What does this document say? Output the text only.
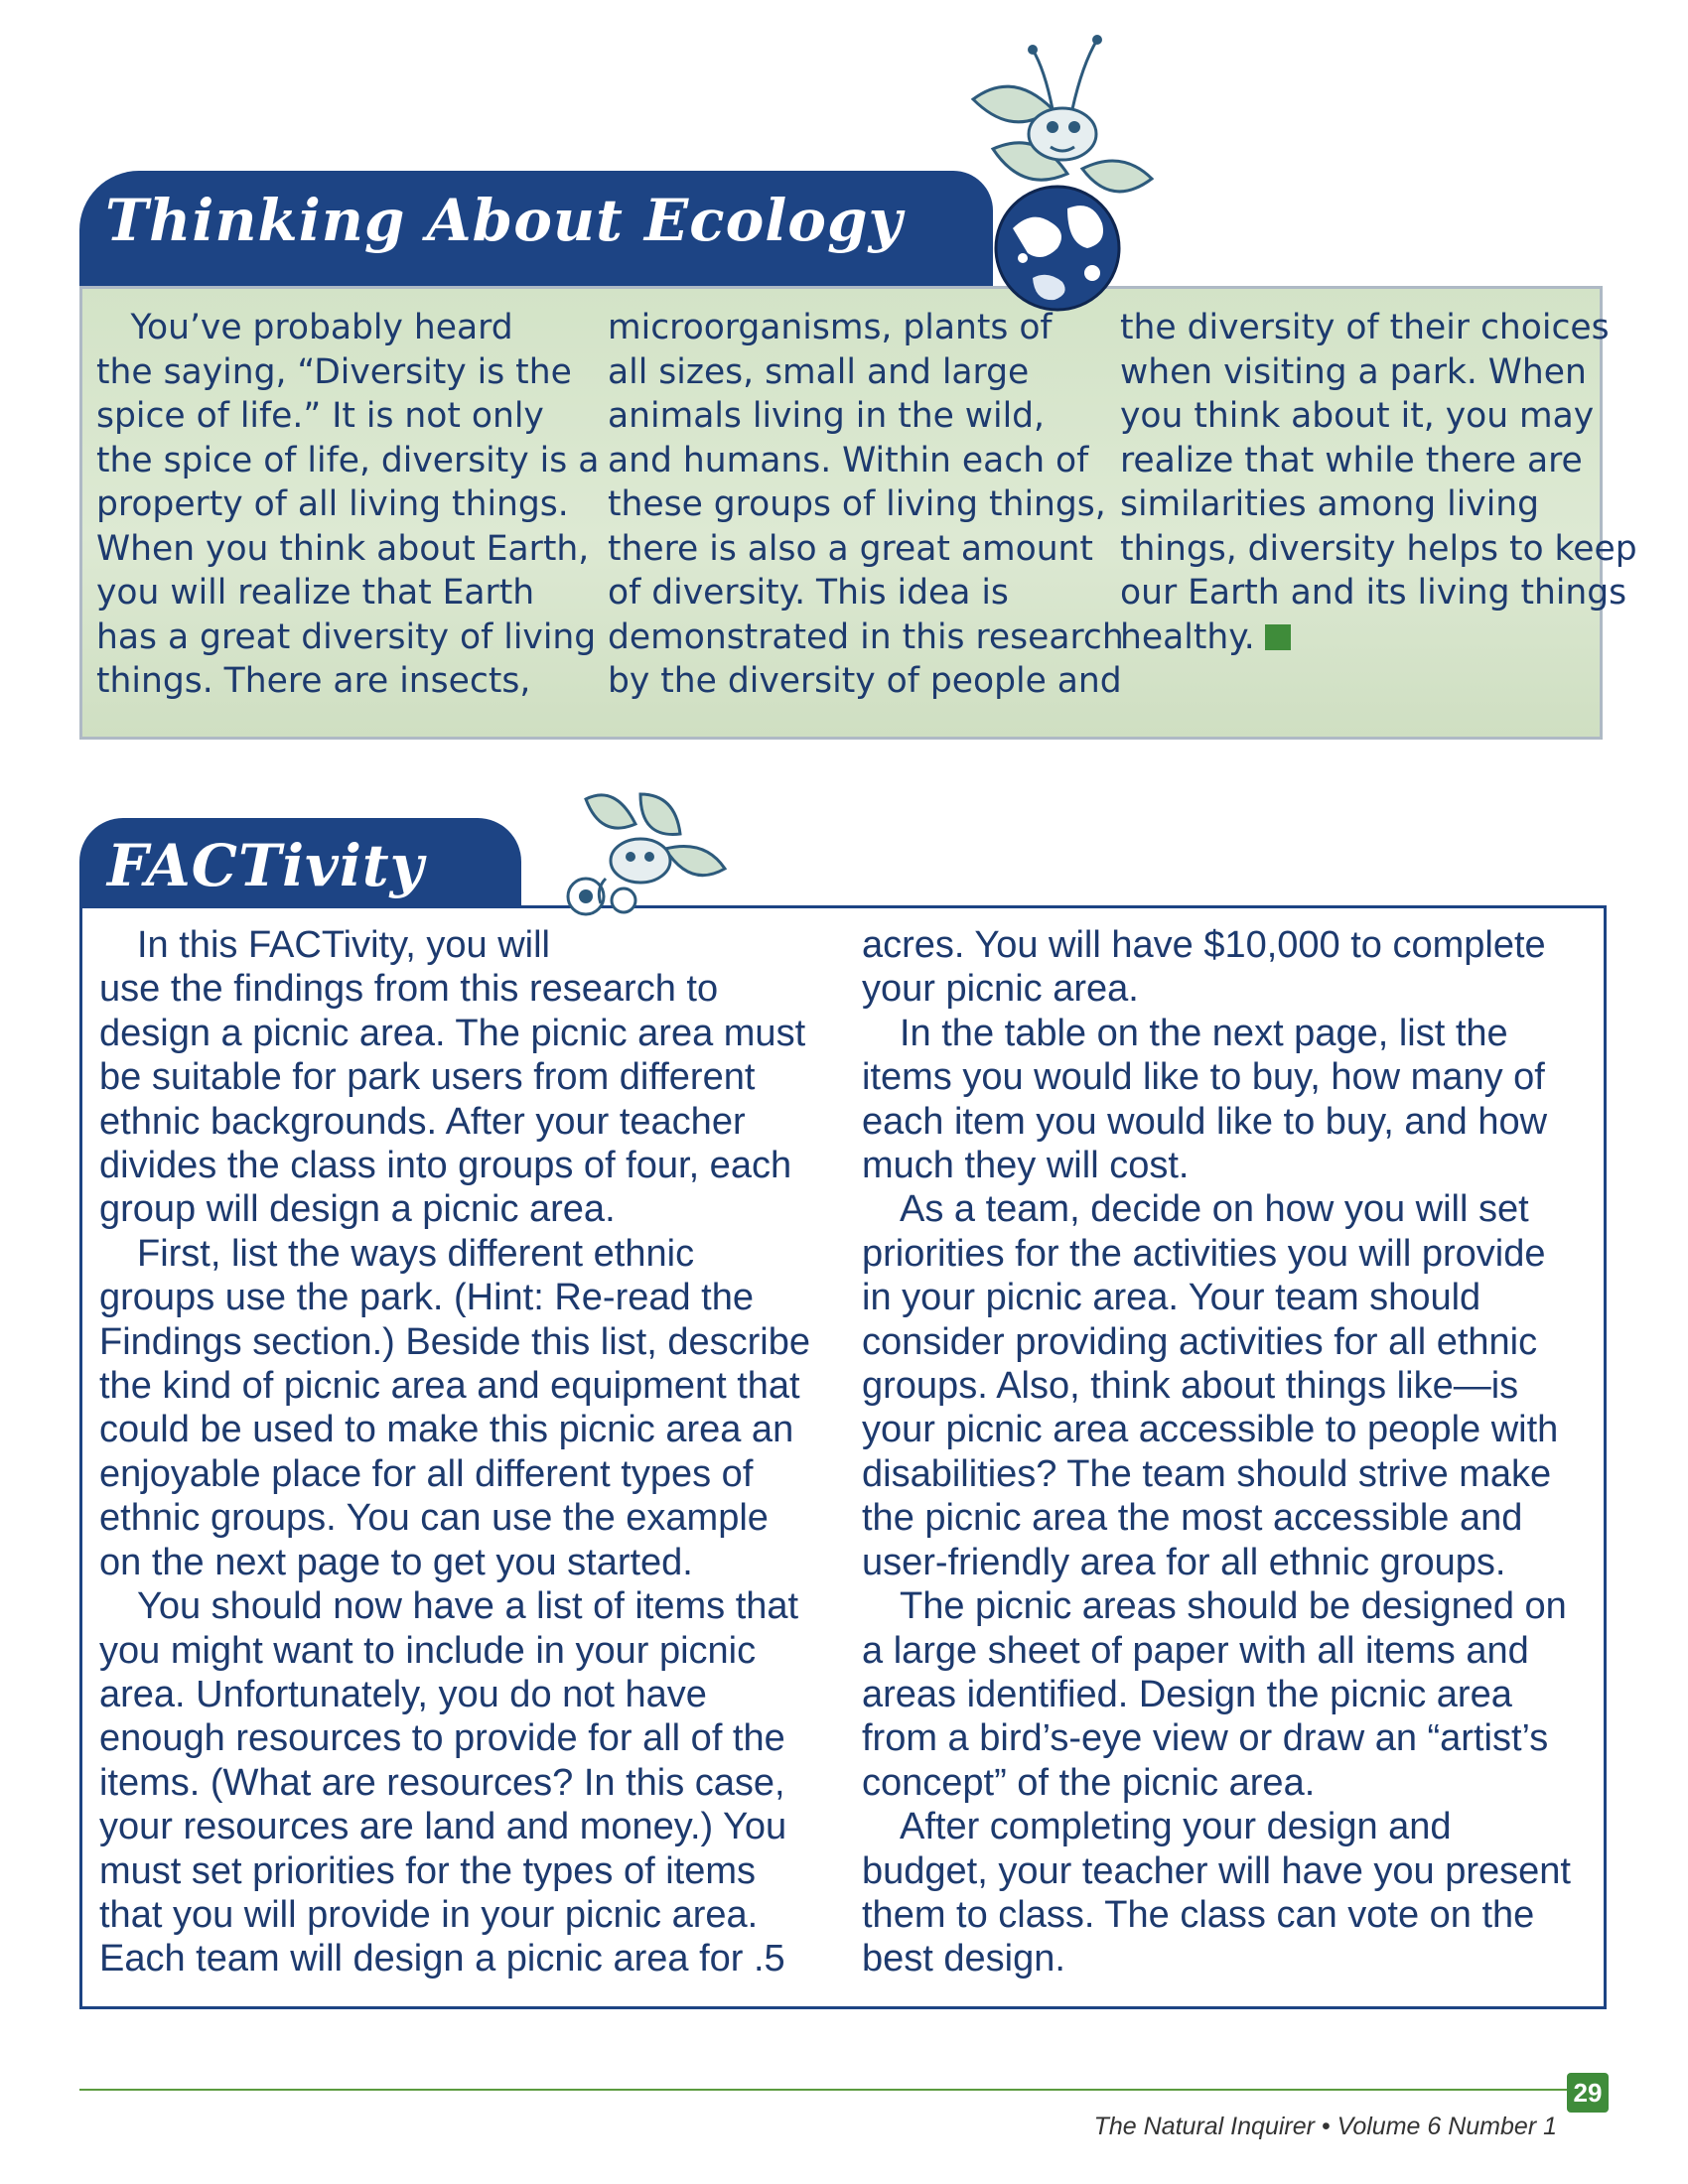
Thinking About Ecology
 You’ve probably heard
the saying, “Diversity is the
spice of life.” It is not only
the spice of life, diversity is a
property of all living things.
When you think about Earth,
you will realize that Earth
has a great diversity of living
things. There are insects,
microorganisms, plants of
all sizes, small and large
animals living in the wild,
and humans. Within each of
these groups of living things,
there is also a great amount
of diversity. This idea is
demonstrated in this research
by the diversity of people and
the diversity of their choices
when visiting a park. When
you think about it, you may
realize that while there are
similarities among living
things, diversity helps to keep
our Earth and its living things
healthy.
FACTivity
 In this FACTivity, you will
use the findings from this research to
design a picnic area. The picnic area must
be suitable for park users from different
ethnic backgrounds. After your teacher
divides the class into groups of four, each
group will design a picnic area.
 First, list the ways different ethnic
groups use the park. (Hint: Re-read the
Findings section.) Beside this list, describe
the kind of picnic area and equipment that
could be used to make this picnic area an
enjoyable place for all different types of
ethnic groups. You can use the example
on the next page to get you started.
 You should now have a list of items that
you might want to include in your picnic
area. Unfortunately, you do not have
enough resources to provide for all of the
items. (What are resources? In this case,
your resources are land and money.) You
must set priorities for the types of items
that you will provide in your picnic area.
Each team will design a picnic area for .5
acres. You will have $10,000 to complete
your picnic area.
 In the table on the next page, list the
items you would like to buy, how many of
each item you would like to buy, and how
much they will cost.
 As a team, decide on how you will set
priorities for the activities you will provide
in your picnic area. Your team should
consider providing activities for all ethnic
groups. Also, think about things like—is
your picnic area accessible to people with
disabilities? The team should strive make
the picnic area the most accessible and
user-friendly area for all ethnic groups.
 The picnic areas should be designed on
a large sheet of paper with all items and
areas identified. Design the picnic area
from a bird’s-eye view or draw an “artist’s
concept” of the picnic area.
 After completing your design and
budget, your teacher will have you present
them to class. The class can vote on the
best design.

The Natural Inquirer • Volume 6 Number 1

29
